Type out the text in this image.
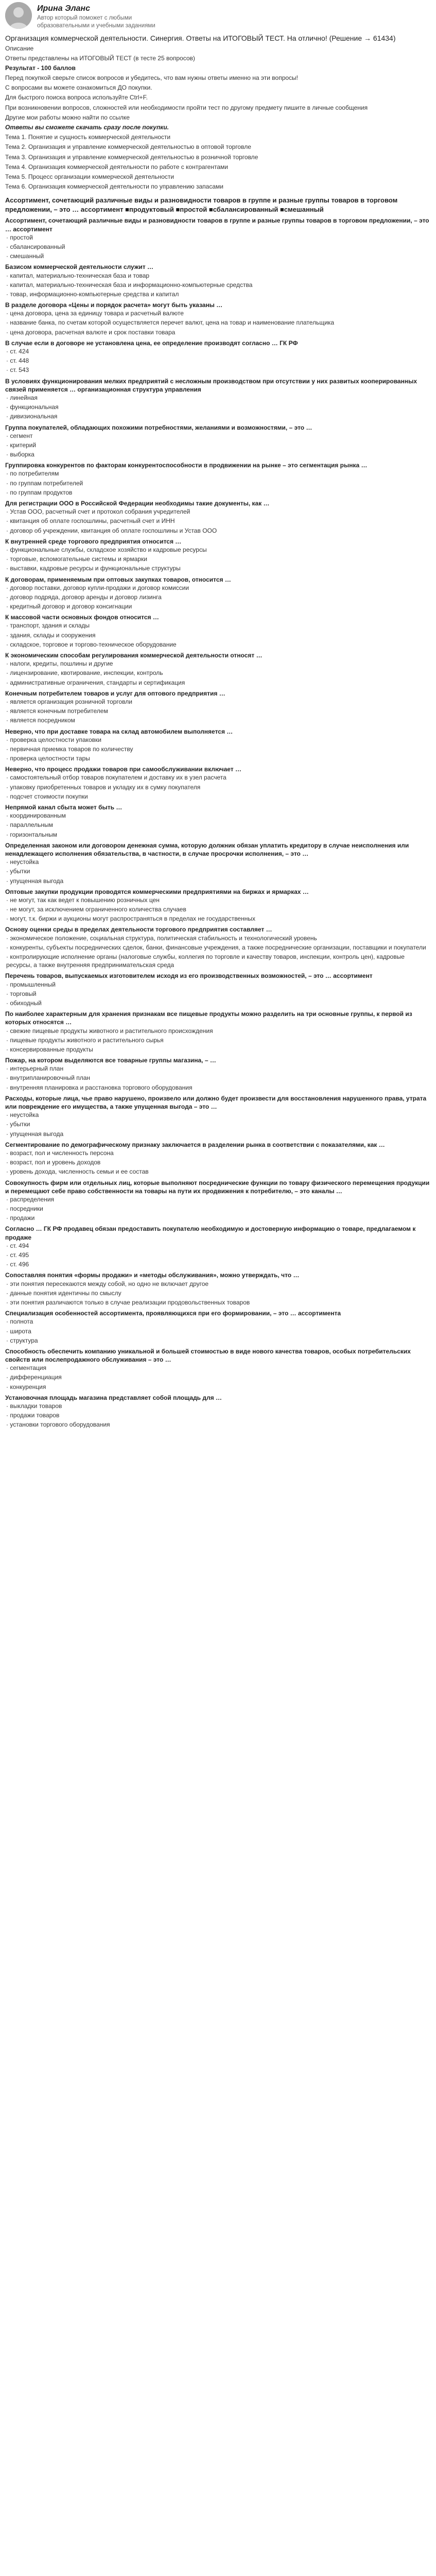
Ирина Эланс
Автор который поможет с любыми образовательными и учебными заданиями
Организация коммерческой деятельности. Синергия. Ответы на ИТОГОВЫЙ ТЕСТ. На отлично! (Решение → 61434)

Описание

Ответы представлены на ИТОГОВЫЙ ТЕСТ (в тесте 25 вопросов)

Результат - 100 баллов

Перед покупкой сверьте список вопросов и убедитесь, что вам нужны ответы именно на эти вопросы!

С вопросами вы можете ознакомиться ДО покупки.

Для быстрого поиска вопроса используйте Ctrl+F.

При возникновении вопросов, сложностей или необходимости пройти тест по другому предмету пишите в личные сообщения

Другие мои работы можно найти по ссылке

Ответы вы сможете скачать сразу после покупки.

Тема 1. Понятие и сущность коммерческой деятельности

Тема 2. Организация и управление коммерческой деятельностью в оптовой торговле

Тема 3. Организация и управление коммерческой деятельностью в розничной торговле

Тема 4. Организация коммерческой деятельности по работе с контрагентами

Тема 5. Процесс организации коммерческой деятельности

Тема 6. Организация коммерческой деятельности по управлению запасами

Ассортимент, сочетающий различные виды и разновидности товаров в группе и разные группы товаров в торговом предложении, – это … ассортимент ■продуктовый ■простой ■сбалансированный ■смешанный
Ассортимент, сочетающий различные виды и разновидности товаров в группе и разные группы товаров в торговом предложении, – это … ассортимент
· простой
· сбалансированный
· смешанный
Базисом коммерческой деятельности служит …
· капитал, материально-техническая база и товар
· капитал, материально-техническая база и информационно-компьютерные средства
· товар, информационно-компьютерные средства и капитал
В разделе договора «Цены и порядок расчета» могут быть указаны …
· цена договора, цена за единицу товара и расчетный валюте
· название банка, по счетам которой осуществляется перечет валют, цена на товар и наименование плательщика
· цена договора, расчетная валюте и срок поставки товара
В случае если в договоре не установлена цена, ее определение производят согласно … ГК РФ
· ст. 424
· ст. 448
· ст. 543
В условиях функционирования мелких предприятий с несложным производством при отсутствии у них развитых кооперированных связей применяется … организационная структура управления
· линейная
· функциональная
· дивизиональная
Группа покупателей, обладающих похожими потребностями, желаниями и возможностями, – это …
· сегмент
· критерий
· выборка
Группировка конкурентов по факторам конкурентоспособности в продвижении на рынке – это сегментация рынка …
· по потребителям
· по группам потребителей
· по группам продуктов
Для регистрации ООО в Российской Федерации необходимы такие документы, как …
· Устав ООО, расчетный счет и протокол собрания учредителей
· квитанция об оплате госпошлины, расчетный счет и ИНН
· договор об учреждении, квитанция об оплате госпошлины и Устав ООО
К внутренней среде торгового предприятия относится …
· функциональные службы, складское хозяйство и кадровые ресурсы
· торговые, вспомогательные системы и ярмарки
· выставки, кадровые ресурсы и функциональные структуры
К договорам, применяемым при оптовых закупках товаров, относится …
· договор поставки, договор купли-продажи и договор комиссии
· договор подряда, договор аренды и договор лизинга
· кредитный договор и договор консигнации
К массовой части основных фондов относится …
· транспорт, здания и склады
· здания, склады и сооружения
· складское, торговое и торгово-техническое оборудование
К экономическим способам регулирования коммерческой деятельности относят …
· налоги, кредиты, пошлины и другие
· лицензирование, квотирование, инспекции, контроль
· административные ограничения, стандарты и сертификация
Конечным потребителем товаров и услуг для оптового предприятия …
· является организация розничной торговли
· является конечным потребителем
· является посредником
Неверно, что при доставке товара на склад автомобилем выполняется …
· проверка целостности упаковки
· первичная приемка товаров по количеству
· проверка целостности тары
Неверно, что процесс продажи товаров при самообслуживании включает …
· самостоятельный отбор товаров покупателем и доставку их в узел расчета
· упаковку приобретенных товаров и укладку их в сумку покупателя
· подсчет стоимости покупки
Непрямой канал сбыта может быть …
· координированным
· параллельным
· горизонтальным
Определенная законом или договором денежная сумма, которую должник обязан уплатить кредитору в случае неисполнения или ненадлежащего исполнения обязательства, в частности, в случае просрочки исполнения, – это …
· неустойка
· убытки
· упущенная выгода
Оптовые закупки продукции проводятся коммерческими предприятиями на биржах и ярмарках …
· не могут, так как ведет к повышению розничных цен
· не могут, за исключением ограниченного количества случаев
· могут, т.к. биржи и аукционы могут распространяться в пределах не государственных
Основу оценки среды в пределах деятельности торгового предприятия составляет …
· экономическое положение, социальная структура, политическая стабильность и технологический уровень
· конкуренты, субъекты посреднических сделок, банки, финансовые учреждения, а также посреднические организации, поставщики и покупатели
· контролирующие исполнение органы (налоговые службы, коллегия по торговле и качеству товаров, инспекции, контроль цен), кадровые ресурсы, а также внутренняя предпринимательская среда
Перечень товаров, выпускаемых изготовителем исходя из его производственных возможностей, – это … ассортимент
· промышленный
· торговый
· обиходный
По наиболее характерным для хранения признакам все пищевые продукты можно разделить на три основные группы, к первой из которых относятся …
· свежие пищевые продукты животного и растительного происхождения
· пищевые продукты животного и растительного сырья
· консервированные продукты
Пожар, на котором выделяются все товарные группы магазина, – …
· интерьерный план
· внутрипланировочный план
· внутренняя планировка и расстановка торгового оборудования
Расходы, которые лица, чье право нарушено, произвело или должно будет произвести для восстановления нарушенного права, утрата или повреждение его имущества, а также упущенная выгода – это …
· неустойка
· убытки
· упущенная выгода
Сегментирование по демографическому признаку заключается в разделении рынка в соответствии с показателями, как …
· возраст, пол и численность персона
· возраст, пол и уровень доходов
· уровень дохода, численность семьи и ее состав
Совокупность фирм или отдельных лиц, которые выполняют посреднические функции по товару физического перемещения продукции и перемещают себе право собственности на товары на пути их продвижения к потребителю, – это каналы …
· распределения
· посредники
· продажи
Согласно … ГК РФ продавец обязан предоставить покупателю необходимую и достоверную информацию о товаре, предлагаемом к продаже
· ст. 494
· ст. 495
· ст. 496
Сопоставляя понятия «формы продажи» и «методы обслуживания», можно утверждать, что …
· эти понятия пересекаются между собой, но одно не включает другое
· данные понятия идентичны по смыслу
· эти понятия различаются только в случае реализации продовольственных товаров
Специализация особенностей ассортимента, проявляющихся при его формировании, – это … ассортимента
· полнота
· широта
· структура
Способность обеспечить компанию уникальной и большей стоимостью в виде нового качества товаров, особых потребительских свойств или послепродажного обслуживания – это …
· сегментация
· дифференциация
· конкуренция
Установочная площадь магазина представляет собой площадь для …
· выкладки товаров
· продажи товаров
· установки торгового оборудования
